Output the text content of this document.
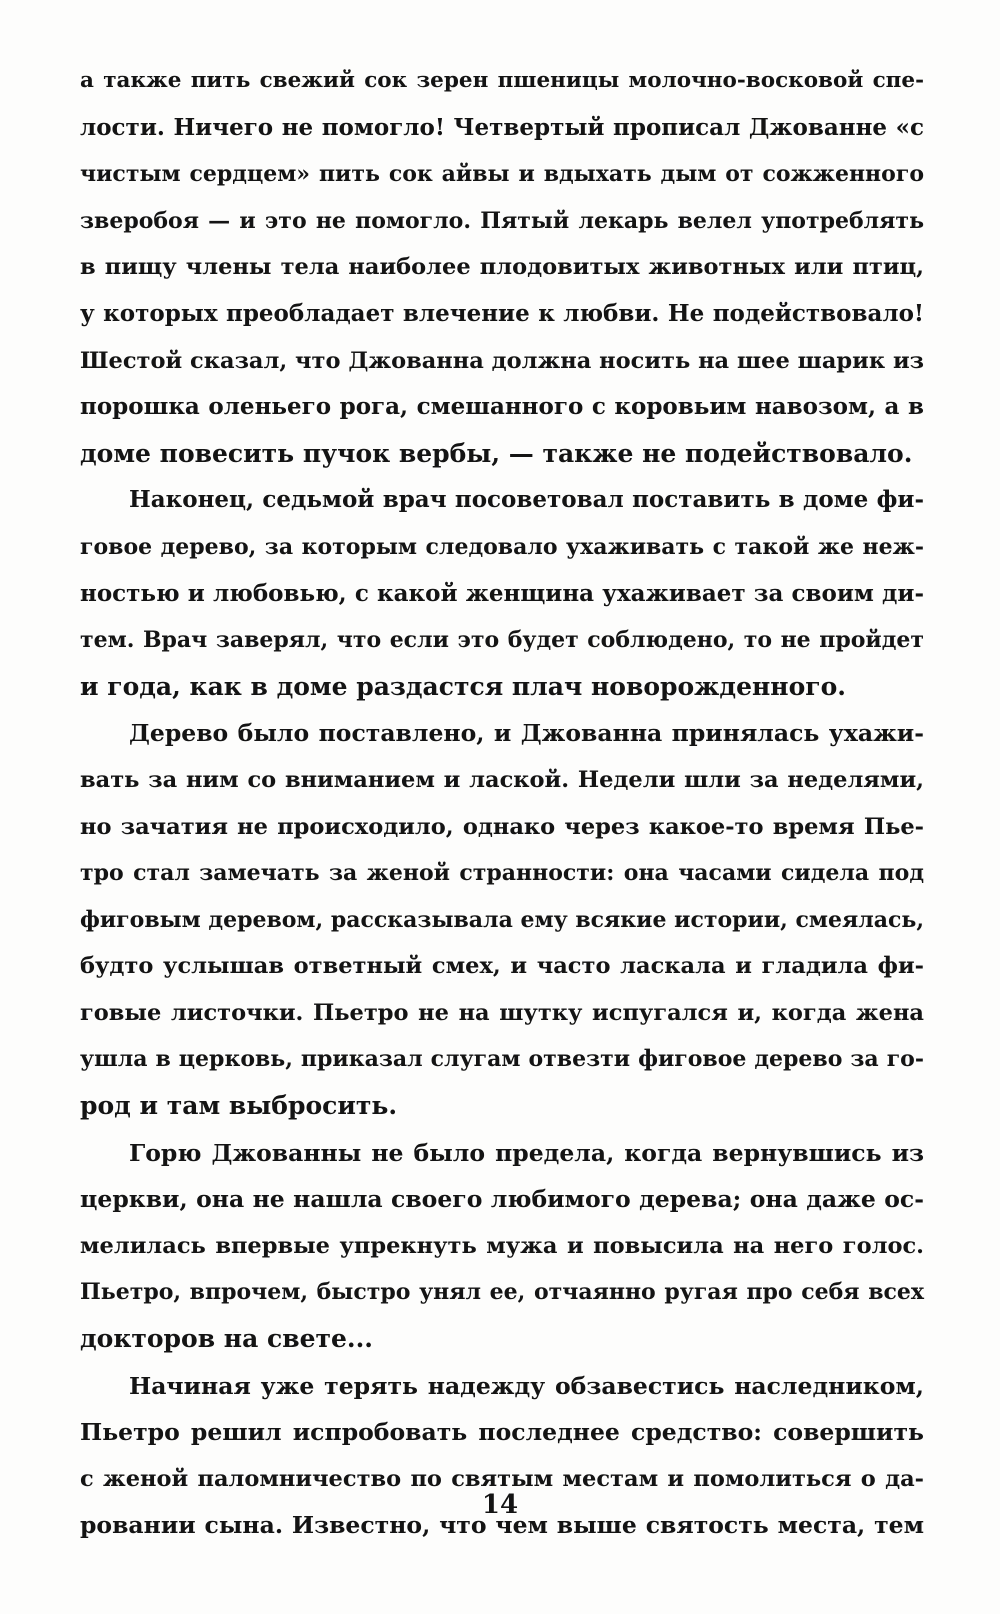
а также пить свежий сок зерен пшеницы молочно-восковой спе-
лости. Ничего не помогло! Четвертый прописал Джованне «с
чистым сердцем» пить сок айвы и вдыхать дым от сожженного
зверобоя — и это не помогло. Пятый лекарь велел употреблять
в пищу члены тела наиболее плодовитых животных или птиц,
у которых преобладает влечение к любви. Не подействовало!
Шестой сказал, что Джованна должна носить на шее шарик из
порошка оленьего рога, смешанного с коровьим навозом, а в
доме повесить пучок вербы, — также не подействовало.
Наконец, седьмой врач посоветовал поставить в доме фи-
говое дерево, за которым следовало ухаживать с такой же неж-
ностью и любовью, с какой женщина ухаживает за своим ди-
тем. Врач заверял, что если это будет соблюдено, то не пройдет
и года, как в доме раздастся плач новорожденного.
Дерево было поставлено, и Джованна принялась ухажи-
вать за ним со вниманием и лаской. Недели шли за неделями,
но зачатия не происходило, однако через какое-то время Пье-
тро стал замечать за женой странности: она часами сидела под
фиговым деревом, рассказывала ему всякие истории, смеялась,
будто услышав ответный смех, и часто ласкала и гладила фи-
говые листочки. Пьетро не на шутку испугался и, когда жена
ушла в церковь, приказал слугам отвезти фиговое дерево за го-
род и там выбросить.
Горю Джованны не было предела, когда вернувшись из
церкви, она не нашла своего любимого дерева; она даже ос-
мелилась впервые упрекнуть мужа и повысила на него голос.
Пьетро, впрочем, быстро унял ее, отчаянно ругая про себя всех
докторов на свете...
Начиная уже терять надежду обзавестись наследником,
Пьетро решил испробовать последнее средство: совершить
с женой паломничество по святым местам и помолиться о да-
ровании сына. Известно, что чем выше святость места, тем
14
